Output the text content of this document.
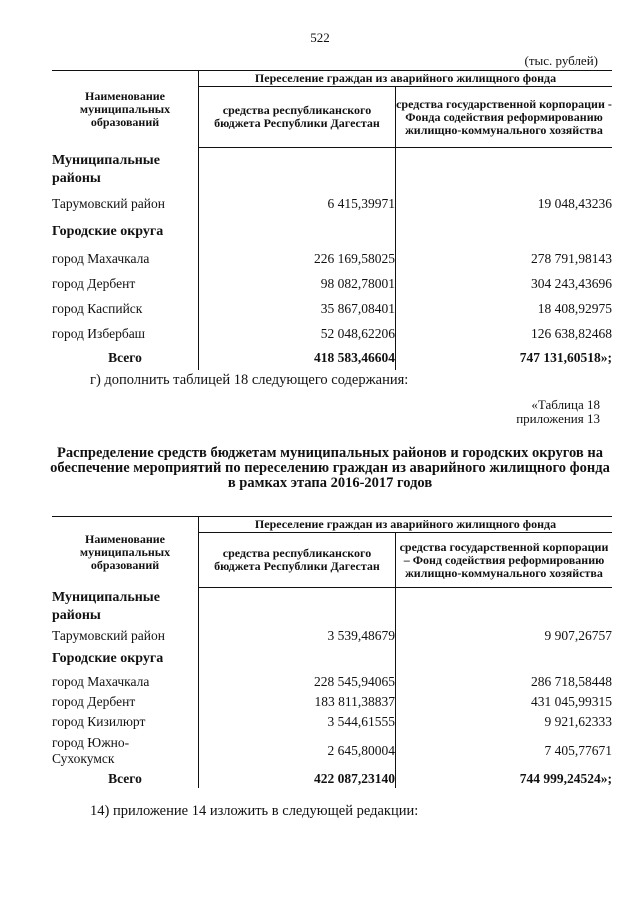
522
(тыс. рублей)
Наименование муниципальных образований	Переселение граждан из аварийного жилищного фонда	
	средства республиканского бюджета Республики Дагестан	средства государственной корпорации - Фонда содействия реформированию жилищно-коммунального хозяйства
Муниципальные районы		
Тарумовский район	6 415,39971	19 048,43236
Городские округа		
город Махачкала	226 169,58025	278 791,98143
город Дербент	98 082,78001	304 243,43696
город Каспийск	35 867,08401	18 408,92975
город Избербаш	52 048,62206	126 638,82468
Всего	418 583,46604	747 131,60518»;
г) дополнить таблицей 18 следующего содержания:
«Таблица 18
приложения 13
Распределение средств бюджетам муниципальных районов и городских округов на обеспечение мероприятий по переселению граждан из аварийного жилищного фонда в рамках этапа 2016-2017 годов
Наименование муниципальных образований	Переселение граждан из аварийного жилищного фонда	
	средства республиканского бюджета Республики Дагестан	средства государственной корпорации – Фонд содействия реформированию жилищно-коммунального хозяйства
Муниципальные районы		
Тарумовский район	3 539,48679	9 907,26757
Городские округа		
город Махачкала	228 545,94065	286 718,58448
город Дербент	183 811,38837	431 045,99315
город Кизилюрт	3 544,61555	9 921,62333
город Южно-Сухокумск	2 645,80004	7 405,77671
Всего	422 087,23140	744 999,24524»;
14) приложение 14 изложить в следующей редакции:
